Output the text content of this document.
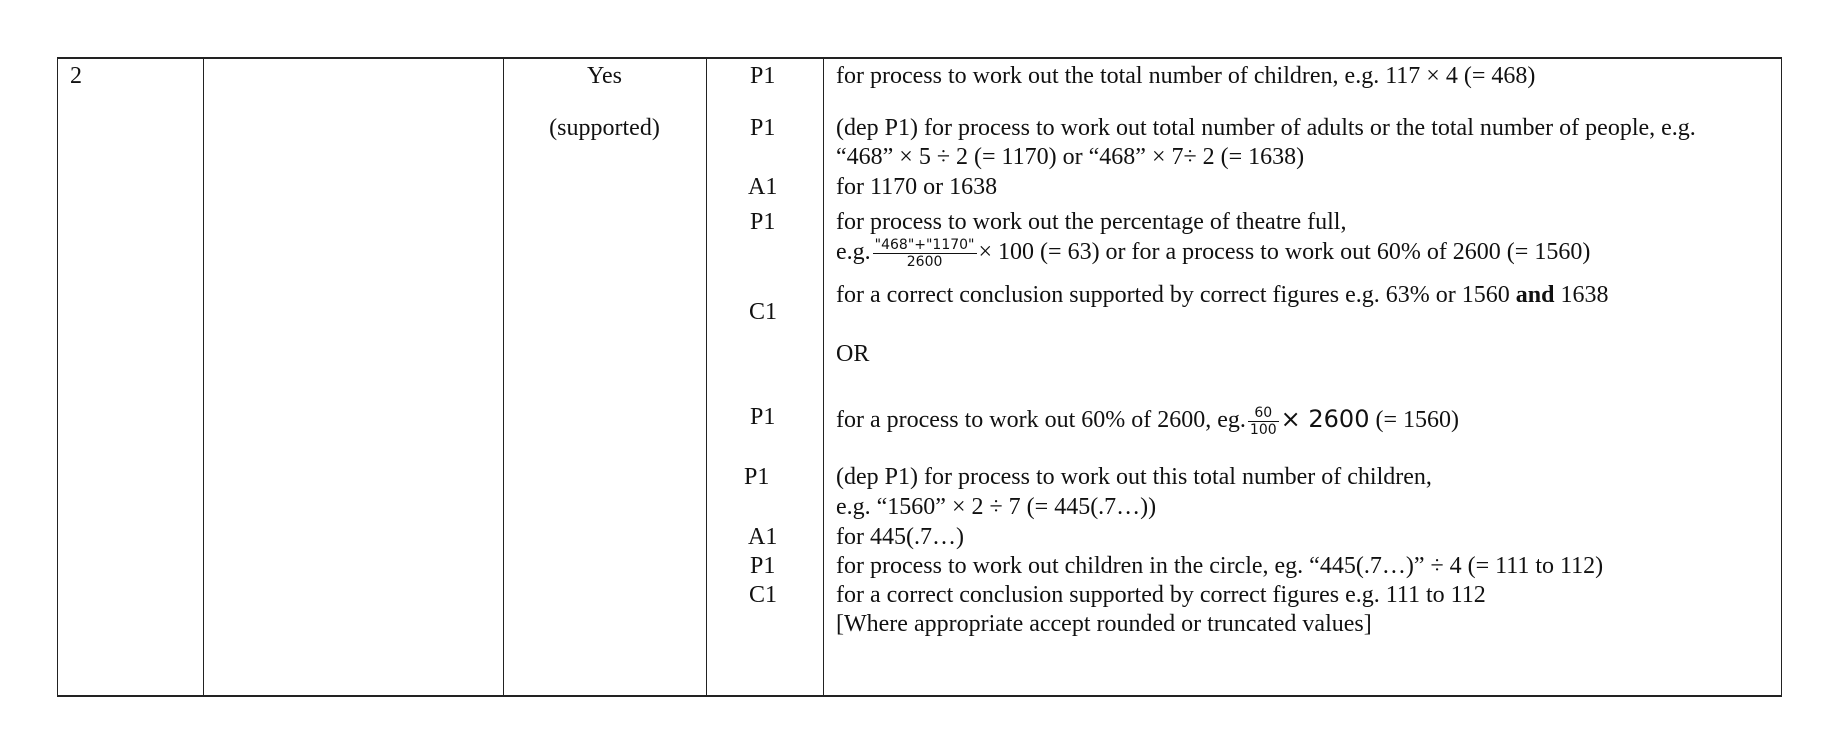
2	Yes
(supported)
P1
P1
A1
P1
C1
P1
P1
A1
P1
C1
for process to work out the total number of children, e.g. 117 × 4 (= 468)
(dep P1) for process to work out total number of adults or the total number of people, e.g.
“468” × 5 ÷ 2 (= 1170) or “468” × 7÷ 2 (= 1638)
for 1170 or 1638
for process to work out the percentage of theatre full,
e.g. $\frac{"468"+"1170"}{2600} \times 100$ (= 63) or for a process to work out 60% of 2600 (= 1560)
for a correct conclusion supported by correct figures e.g. 63% or 1560 and 1638
OR
for a process to work out 60% of 2600, eg. $\frac{60}{100} \times 2600$ (= 1560)
(dep P1) for process to work out this total number of children,
e.g. “1560” × 2 ÷ 7 (= 445(.7…))
for 445(.7…)
for process to work out children in the circle, eg. “445(.7…)” ÷ 4 (= 111 to 112)
for a correct conclusion supported by correct figures e.g. 111 to 112
[Where appropriate accept rounded or truncated values]
